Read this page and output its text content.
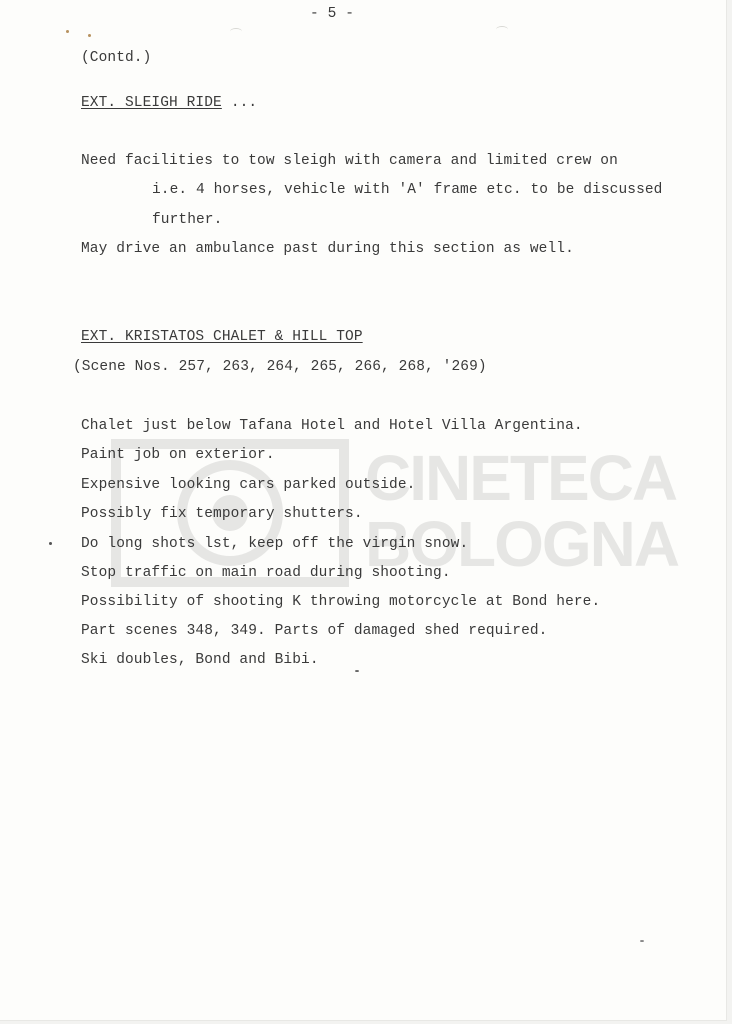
- 5 -
(Contd.)
EXT. SLEIGH RIDE ...
Need facilities to tow sleigh with camera and limited crew on
i.e. 4 horses, vehicle with 'A' frame etc. to be discussed
further.
May drive an ambulance past during this section as well.
EXT. KRISTATOS CHALET & HILL TOP
(Scene Nos. 257, 263, 264, 265, 266, 268, '269)
Chalet just below Tafana Hotel and Hotel Villa Argentina.
Paint job on exterior.
Expensive looking cars parked outside.
Possibly fix temporary shutters.
Do long shots lst, keep off the virgin snow.
Stop traffic on main road during shooting.
Possibility of shooting K throwing motorcycle at Bond here.
Part scenes 348, 349. Parts of damaged shed required.
Ski doubles, Bond and Bibi.
CINETECA
BOLOGNA
